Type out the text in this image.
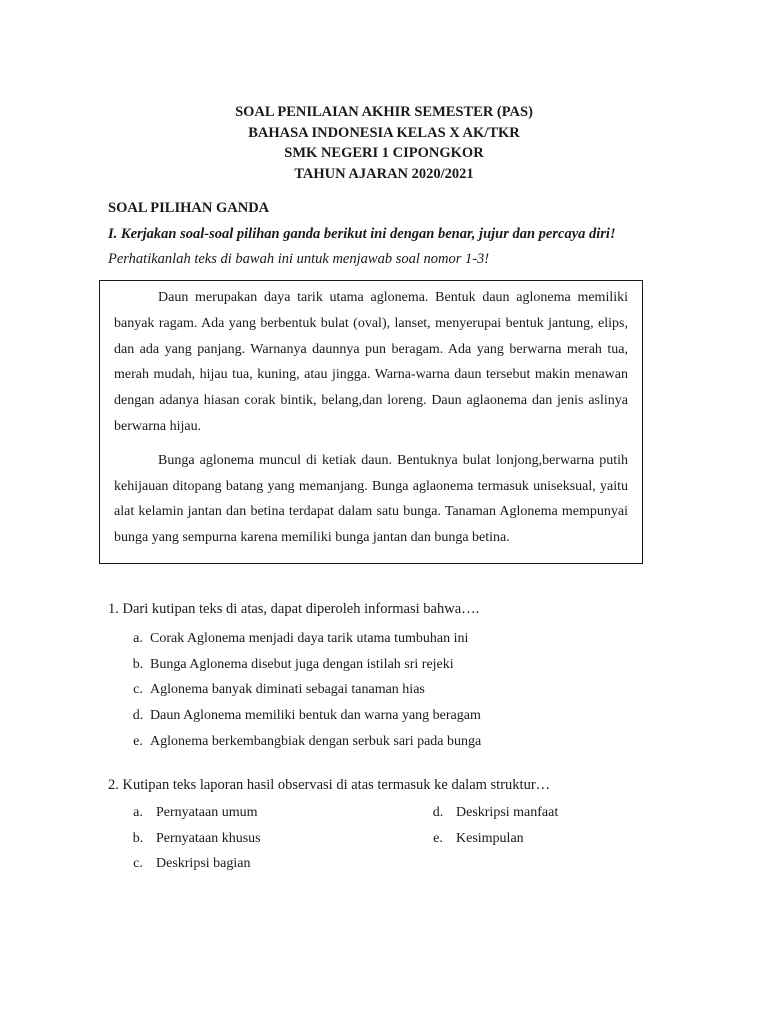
SOAL PENILAIAN AKHIR SEMESTER (PAS)
BAHASA INDONESIA KELAS X AK/TKR
SMK NEGERI 1 CIPONGKOR
TAHUN AJARAN 2020/2021
SOAL PILIHAN GANDA
I. Kerjakan soal-soal pilihan ganda berikut ini dengan benar, jujur dan percaya diri!
Perhatikanlah teks di bawah ini untuk menjawab soal nomor 1-3!

Daun merupakan daya tarik utama aglonema. Bentuk daun aglonema memiliki banyak ragam. Ada yang berbentuk bulat (oval), lanset, menyerupai bentuk jantung, elips, dan ada yang panjang. Warnanya daunnya pun beragam. Ada yang berwarna merah tua, merah mudah, hijau tua, kuning, atau jingga. Warna-warna daun tersebut makin menawan dengan adanya hiasan corak bintik, belang,dan loreng. Daun aglaonema dan jenis aslinya berwarna hijau.

Bunga aglonema muncul di ketiak daun. Bentuknya bulat lonjong,berwarna putih kehijauan ditopang batang yang memanjang. Bunga aglaonema termasuk uniseksual, yaitu alat kelamin jantan dan betina terdapat dalam satu bunga. Tanaman Aglonema mempunyai bunga yang sempurna karena memiliki bunga jantan dan bunga betina.

1. Dari kutipan teks di atas, dapat diperoleh informasi bahwa….
a. Corak Aglonema menjadi daya tarik utama tumbuhan ini
b. Bunga Aglonema disebut juga dengan istilah sri rejeki
c. Aglonema banyak diminati sebagai tanaman hias
d. Daun Aglonema memiliki bentuk dan warna yang beragam
e. Aglonema berkembangbiak dengan serbuk sari pada bunga
2. Kutipan teks laporan hasil observasi di atas termasuk ke dalam struktur…
a. Pernyataan umum	d. Deskripsi manfaat
b. Pernyataan khusus	e. Kesimpulan
c. Deskripsi bagian
